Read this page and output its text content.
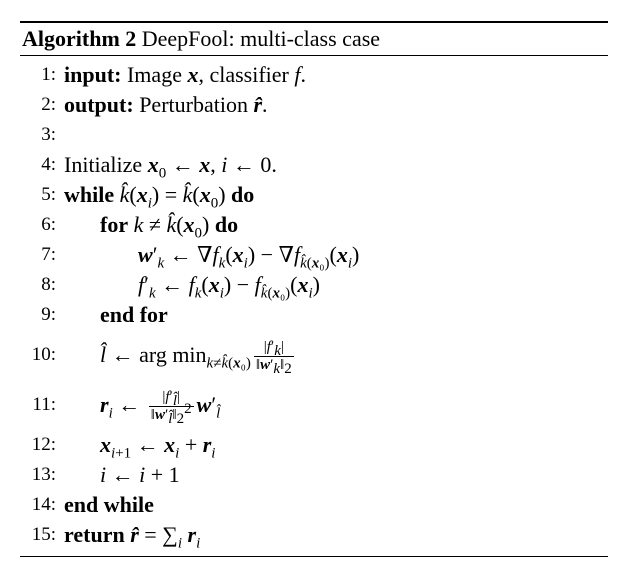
Algorithm 2 DeepFool: multi-class case
1: input: Image x, classifier f.
2: output: Perturbation r̂.
3:
4: Initialize $x_0$ ← x, i ← 0.
5: while $k̂(x_i)$ = $k̂(x_0)$ do
6: for $k \ne k̂(x_0)$ do
7:	$w'_k$ ← $\nabla f_k(x_i) - \nabla f_{k̂(x_0)}(x_i)$
8:	$f'_k$ ← $f_k(x_i) - f_{k̂(x_0)}(x_i)$
9: end for
10: l̂ ← arg $\min_{k\ne k̂(x_0)} \frac{|f'_k|}{‖w'_k‖_2}$
11: $r_i$ ← $\frac{|f'_{l̂}|}{‖w'_{l̂}‖_2^2} w'_{l̂}$
12: $x_{i+1}$ ← $x_i + r_i$
13: i ← i + 1
14: end while
15: return r̂ = $\sum_i$ $r_i$
